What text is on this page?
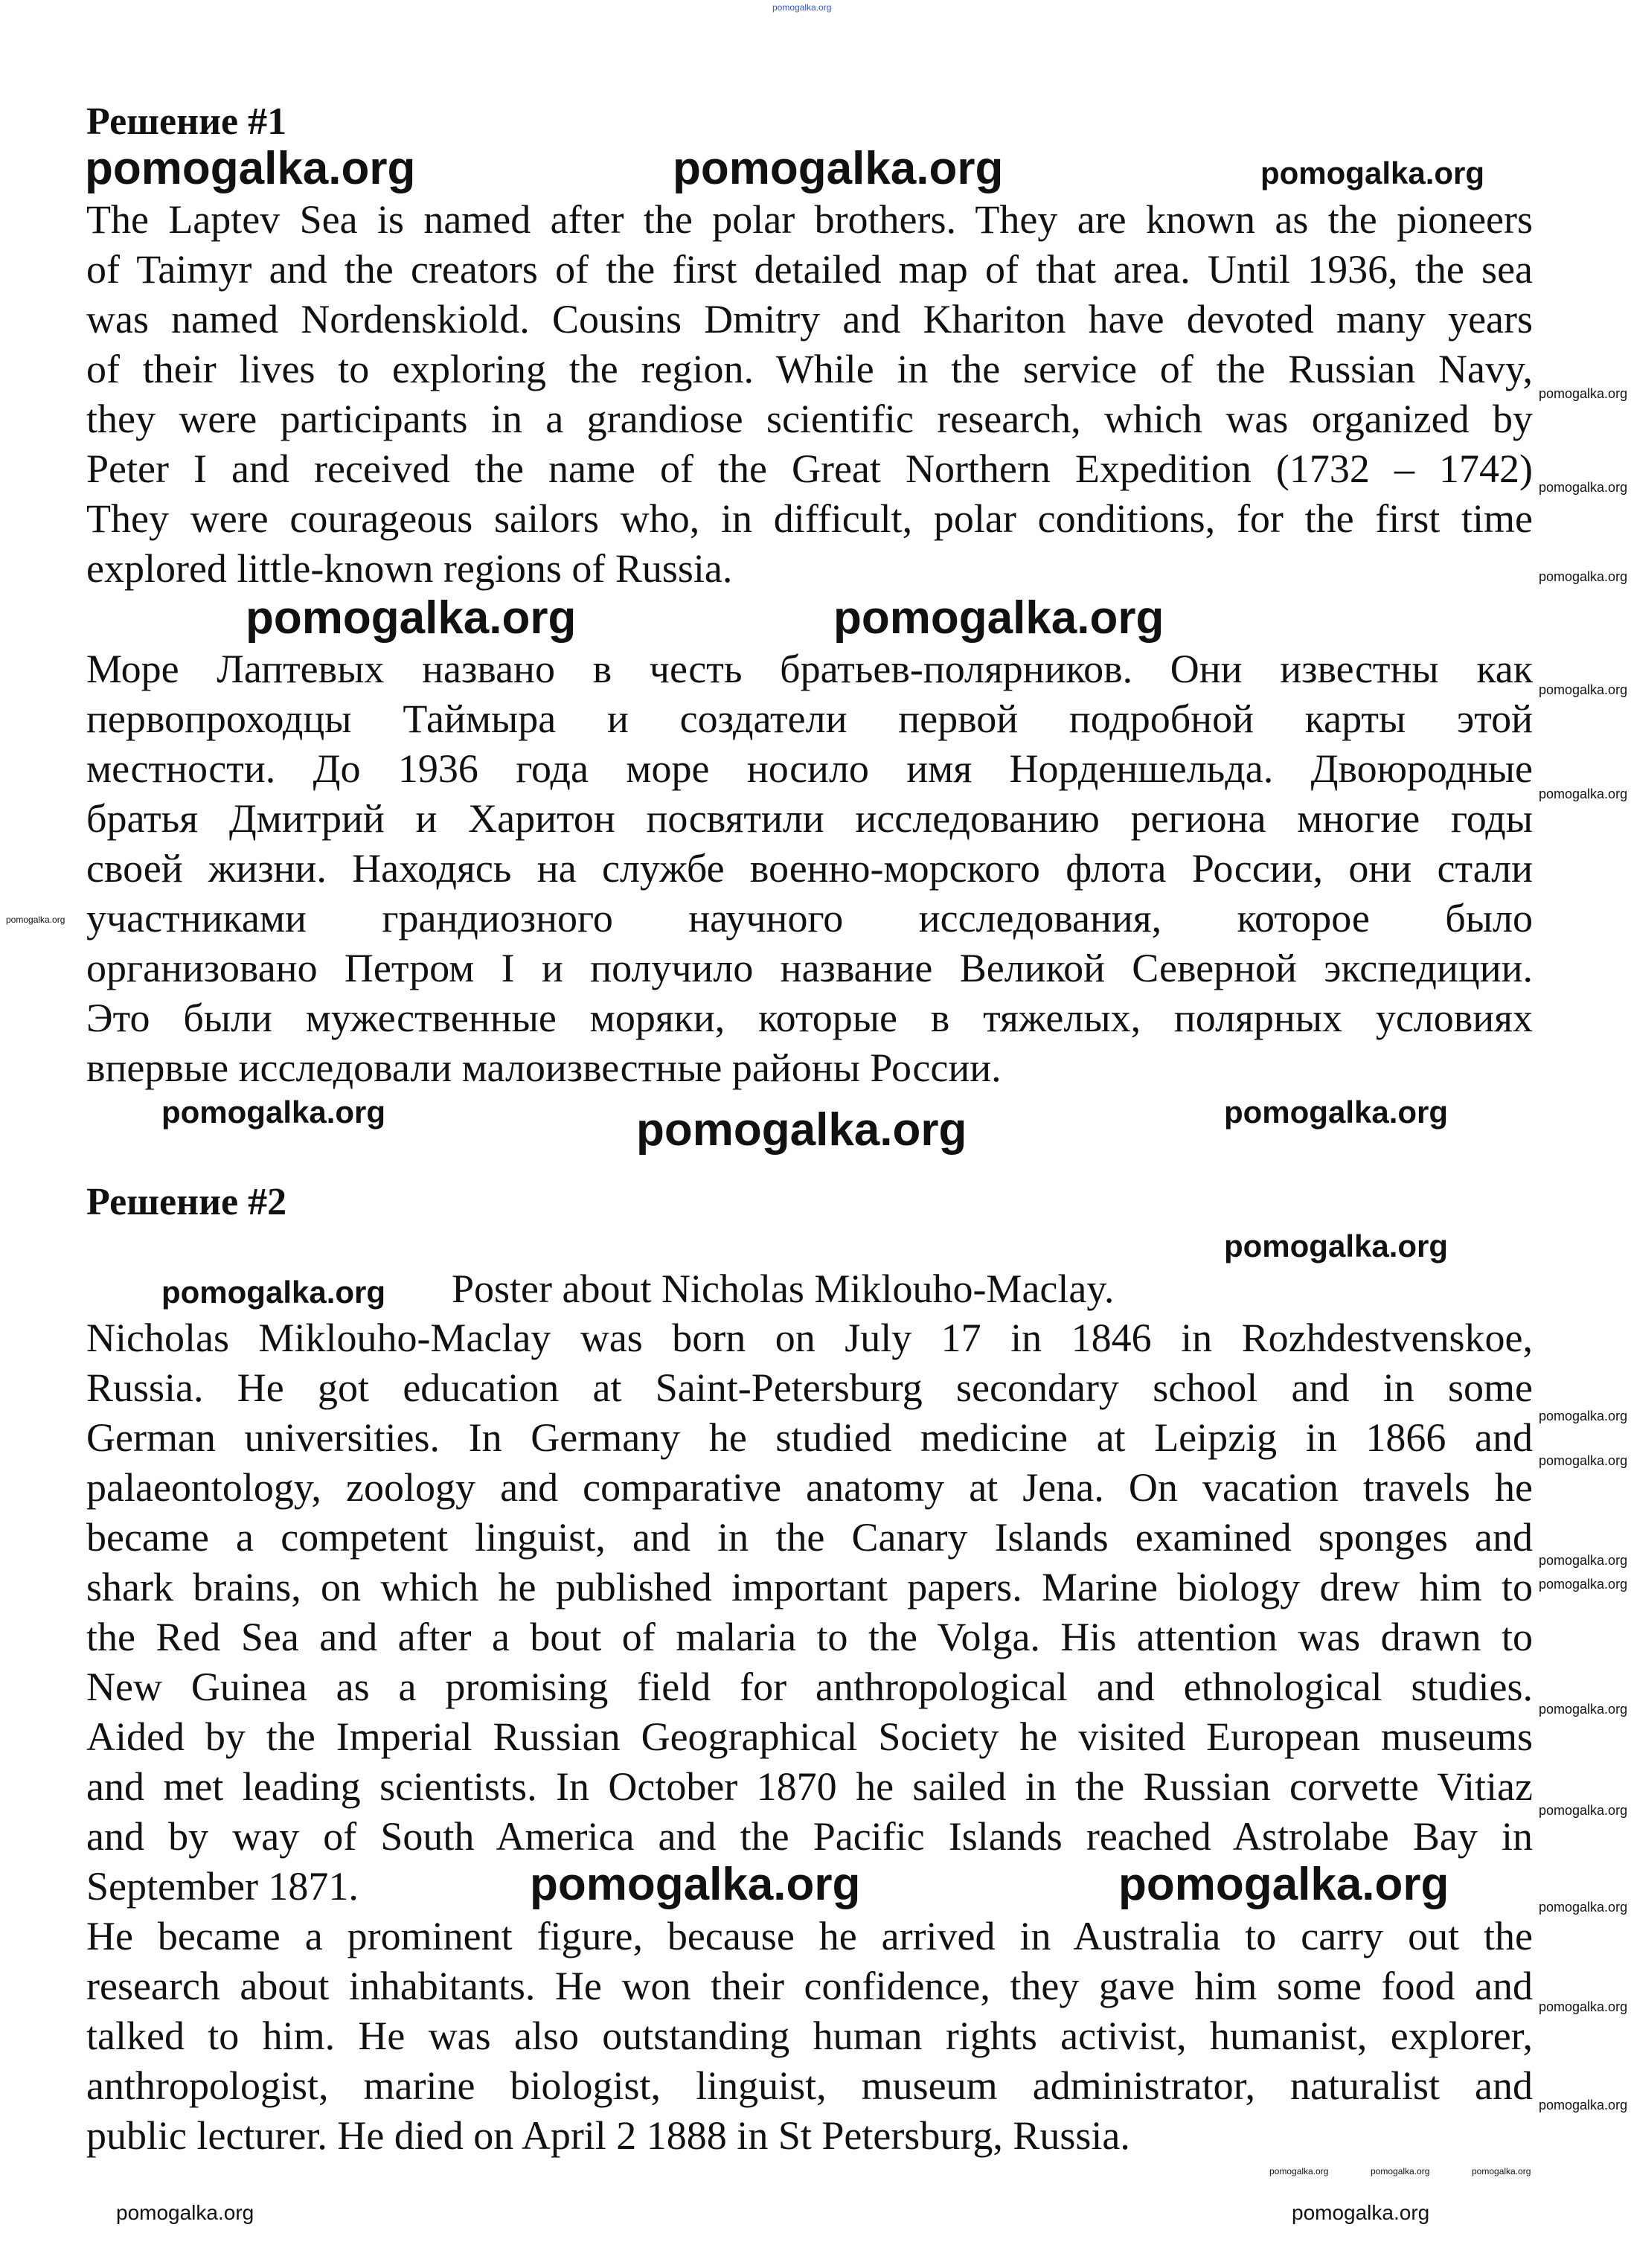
Решение #1
The Laptev Sea is named after the polar brothers. They are known as the pioneers
of Taimyr and the creators of the first detailed map of that area. Until 1936, the sea
was named Nordenskiold. Cousins Dmitry and Khariton have devoted many years
of their lives to exploring the region. While in the service of the Russian Navy,
they were participants in a grandiose scientific research, which was organized by
Peter I and received the name of the Great Northern Expedition (1732 – 1742)
They were courageous sailors who, in difficult, polar conditions, for the first time
explored little-known regions of Russia.
Море Лаптевых названо в честь братьев-полярников. Они известны как
первопроходцы Таймыра и создатели первой подробной карты этой
местности. До 1936 года море носило имя Норденшельда. Двоюродные
братья Дмитрий и Харитон посвятили исследованию региона многие годы
своей жизни. Находясь на службе военно-морского флота России, они стали
участниками грандиозного научного исследования, которое было
организовано Петром I и получило название Великой Северной экспедиции.
Это были мужественные моряки, которые в тяжелых, полярных условиях
впервые исследовали малоизвестные районы России.
Решение #2
Poster about Nicholas Miklouho-Maclay.
Nicholas Miklouho-Maclay was born on July 17 in 1846 in Rozhdestvenskoe,
Russia. He got education at Saint-Petersburg secondary school and in some
German universities. In Germany he studied medicine at Leipzig in 1866 and
palaeontology, zoology and comparative anatomy at Jena. On vacation travels he
became a competent linguist, and in the Canary Islands examined sponges and
shark brains, on which he published important papers. Marine biology drew him to
the Red Sea and after a bout of malaria to the Volga. His attention was drawn to
New Guinea as a promising field for anthropological and ethnological studies.
Aided by the Imperial Russian Geographical Society he visited European museums
and met leading scientists. In October 1870 he sailed in the Russian corvette Vitiaz
and by way of South America and the Pacific Islands reached Astrolabe Bay in
September 1871.
He became a prominent figure, because he arrived in Australia to carry out the
research about inhabitants. He won their confidence, they gave him some food and
talked to him. He was also outstanding human rights activist, humanist, explorer,
anthropologist, marine biologist, linguist, museum administrator, naturalist and
public lecturer. He died on April 2 1888 in St Petersburg, Russia.
pomogalka.org
pomogalka.org	pomogalka.org	pomogalka.org
pomogalka.org
pomogalka.org
pomogalka.org
pomogalka.org	pomogalka.org
pomogalka.org
pomogalka.org
pomogalka.org
pomogalka.org
pomogalka.org	pomogalka.org
pomogalka.org
pomogalka.org
pomogalka.org
pomogalka.org
pomogalka.org	pomogalka.org
pomogalka.org
pomogalka.org
pomogalka.org
pomogalka.org
pomogalka.org	pomogalka.org	pomogalka.org
pomogalka.org
pomogalka.org
pomogalka.org	pomogalka.org	pomogalka.org
